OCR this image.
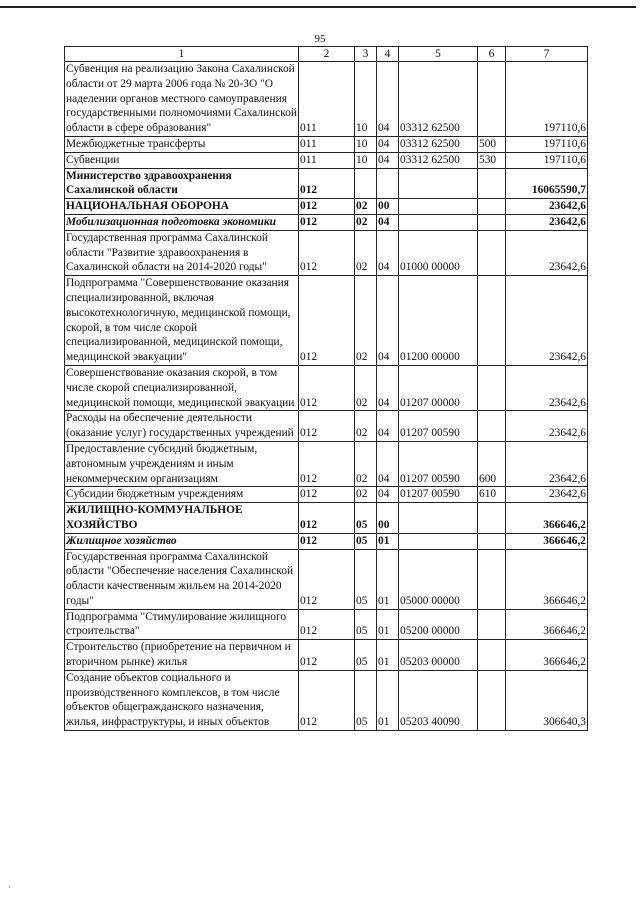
95
1	2	3	4	5	6	7
Субвенция на реализацию Закона Сахалинской области от 29 марта 2006 года № 20-ЗО "О наделении органов местного самоуправления государственными полномочиями Сахалинской области в сфере образования"	011	10	04	03312 62500		197110,6
Межбюджетные трансферты	011	10	04	03312 62500	500	197110,6
Субвенции	011	10	04	03312 62500	530	197110,6
Министерство здравоохранения Сахалинской области	012					16065590,7
НАЦИОНАЛЬНАЯ ОБОРОНА	012	02	00			23642,6
Мобилизационная подготовка экономики	012	02	04			23642,6
Государственная программа Сахалинской области "Развитие здравоохранения в Сахалинской области на 2014-2020 годы"	012	02	04	01000 00000		23642,6
Подпрограмма "Совершенствование оказания специализированной, включая высокотехнологичную, медицинской помощи, скорой, в том числе скорой специализированной, медицинской помощи, медицинской эвакуации"	012	02	04	01200 00000		23642,6
Совершенствование оказания скорой, в том числе скорой специализированной, медицинской помощи, медицинской эвакуации	012	02	04	01207 00000		23642,6
Расходы на обеспечение деятельности (оказание услуг) государственных учреждений	012	02	04	01207 00590		23642,6
Предоставление субсидий бюджетным, автономным учреждениям и иным некоммерческим организациям	012	02	04	01207 00590	600	23642,6
Субсидии бюджетным учреждениям	012	02	04	01207 00590	610	23642,6
ЖИЛИЩНО-КОММУНАЛЬНОЕ ХОЗЯЙСТВО	012	05	00			366646,2
Жилищное хозяйство	012	05	01			366646,2
Государственная программа Сахалинской области "Обеспечение населения Сахалинской области качественным жильем на 2014-2020 годы"	012	05	01	05000 00000		366646,2
Подпрограмма "Стимулирование жилищного строительства"	012	05	01	05200 00000		366646,2
Строительство (приобретение на первичном и вторичном рынке) жилья	012	05	01	05203 00000		366646,2
Создание объектов социального и производственного комплексов, в том числе объектов общегражданского назначения, жилья, инфраструктуры, и иных объектов	012	05	01	05203 40090		306640,3
·
